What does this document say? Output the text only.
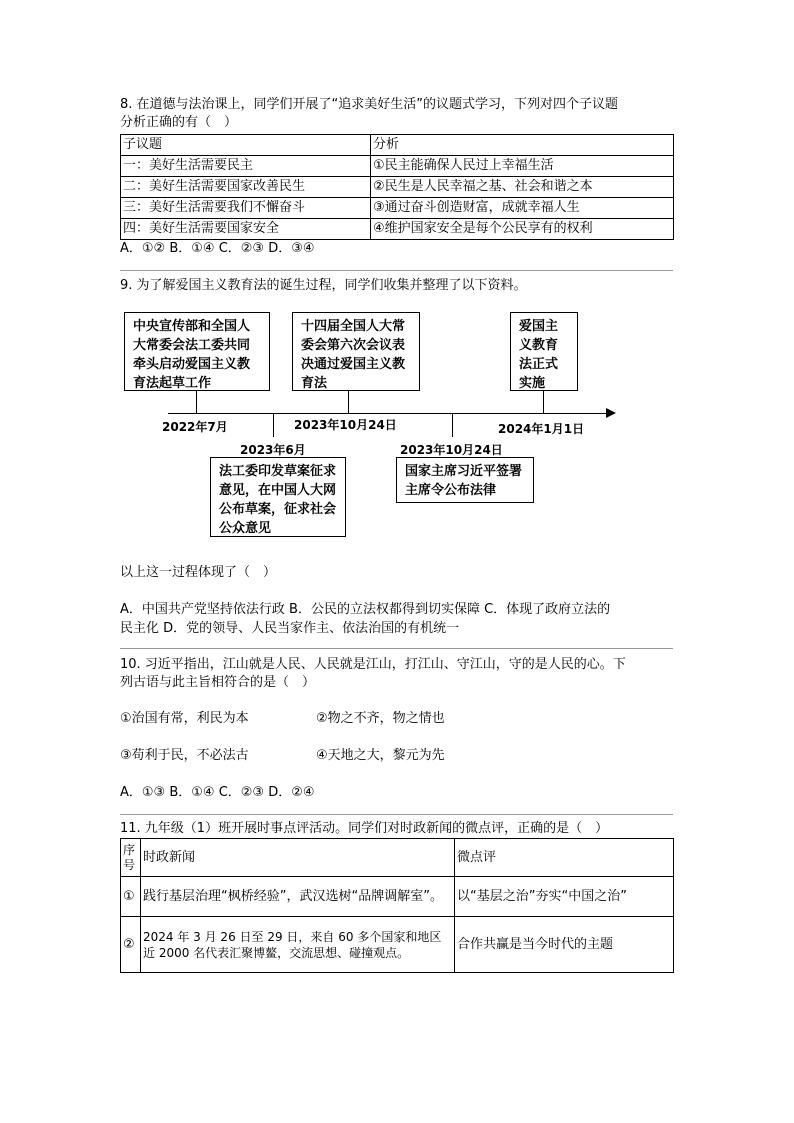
8. 在道德与法治课上，同学们开展了“追求美好生活”的议题式学习，下列对四个子议题
分析正确的有（　）
子议题	分析
一：美好生活需要民主	①民主能确保人民过上幸福生活
二：美好生活需要国家改善民生	②民生是人民幸福之基、社会和谐之本
三：美好生活需要我们不懈奋斗	③通过奋斗创造财富，成就幸福人生
四：美好生活需要国家安全	④维护国家安全是每个公民享有的权利
A．①② B．①④ C．②③ D．③④
9. 为了解爱国主义教育法的诞生过程，同学们收集并整理了以下资料。
中央宣传部和全国人大常委会法工委共同牵头启动爱国主义教育法起草工作
十四届全国人大常委会第六次会议表决通过爱国主义教育法
爱国主义教育法正式实施
2022年7月	2023年10月24日	2024年1月1日
2023年6月	2023年10月24日
法工委印发草案征求意见，在中国人大网公布草案，征求社会公众意见
国家主席习近平签署主席令公布法律
以上这一过程体现了（　）
A．中国共产党坚持依法行政 B．公民的立法权都得到切实保障 C．体现了政府立法的
民主化 D．党的领导、人民当家作主、依法治国的有机统一
10. 习近平指出，江山就是人民、人民就是江山，打江山、守江山，守的是人民的心。下
列古语与此主旨相符合的是（　）
①治国有常，利民为本	②物之不齐，物之情也
③苟利于民，不必法古	④天地之大，黎元为先
A．①③ B．①④ C．②③ D．②④
11. 九年级（1）班开展时事点评活动。同学们对时政新闻的微点评，正确的是（　）
序号	时政新闻	微点评
①	践行基层治理“枫桥经验”，武汉选树“品牌调解室”。	以“基层之治”夯实“中国之治”
②	2024 年 3 月 26 日至 29 日，来自 60 多个国家和地区近 2000 名代表汇聚博鳌，交流思想、碰撞观点。	合作共赢是当今时代的主题
